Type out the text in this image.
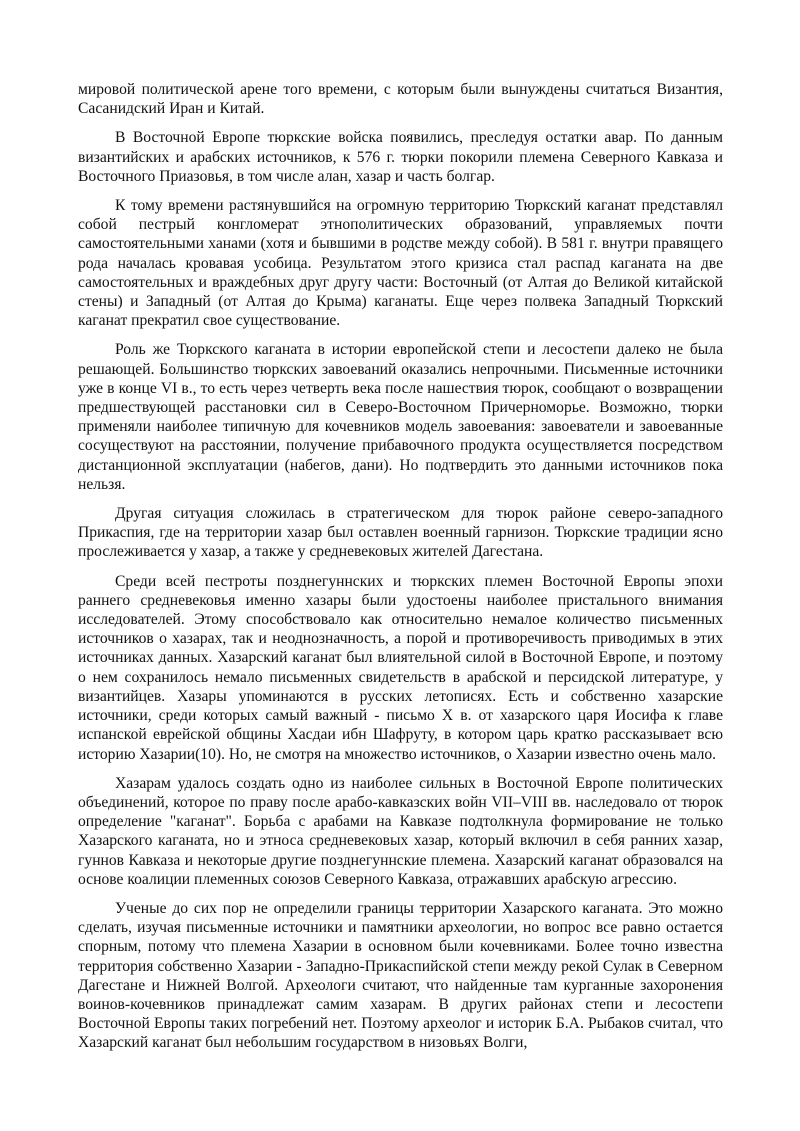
мировой политической арене того времени, с которым были вынуждены считаться Византия, Сасанидский Иран и Китай.

В Восточной Европе тюркские войска появились, преследуя остатки авар. По данным византийских и арабских источников, к 576 г. тюрки покорили племена Северного Кавказа и Восточного Приазовья, в том числе алан, хазар и часть болгар.

К тому времени растянувшийся на огромную территорию Тюркский каганат представлял собой пестрый конгломерат этнополитических образований, управляемых почти самостоятельными ханами (хотя и бывшими в родстве между собой). В 581 г. внутри правящего рода началась кровавая усобица. Результатом этого кризиса стал распад каганата на две самостоятельных и враждебных друг другу части: Восточный (от Алтая до Великой китайской стены) и Западный (от Алтая до Крыма) каганаты. Еще через полвека Западный Тюркский каганат прекратил свое существование.

Роль же Тюркского каганата в истории европейской степи и лесостепи далеко не была решающей. Большинство тюркских завоеваний оказались непрочными. Письменные источники уже в конце VI в., то есть через четверть века после нашествия тюрок, сообщают о возвращении предшествующей расстановки сил в Северо-Восточном Причерноморье. Возможно, тюрки применяли наиболее типичную для кочевников модель завоевания: завоеватели и завоеванные сосуществуют на расстоянии, получение прибавочного продукта осуществляется посредством дистанционной эксплуатации (набегов, дани). Но подтвердить это данными источников пока нельзя.

Другая ситуация сложилась в стратегическом для тюрок районе северо-западного Прикаспия, где на территории хазар был оставлен военный гарнизон. Тюркские традиции ясно прослеживается у хазар, а также у средневековых жителей Дагестана.

Среди всей пестроты позднегуннских и тюркских племен Восточной Европы эпохи раннего средневековья именно хазары были удостоены наиболее пристального внимания исследователей. Этому способствовало как относительно немалое количество письменных источников о хазарах, так и неоднозначность, а порой и противоречивость приводимых в этих источниках данных. Хазарский каганат был влиятельной силой в Восточной Европе, и поэтому о нем сохранилось немало письменных свидетельств в арабской и персидской литературе, у византийцев. Хазары упоминаются в русских летописях. Есть и собственно хазарские источники, среди которых самый важный - письмо X в. от хазарского царя Иосифа к главе испанской еврейской общины Хасдаи ибн Шафруту, в котором царь кратко рассказывает всю историю Хазарии(10). Но, не смотря на множество источников, о Хазарии известно очень мало.

Хазарам удалось создать одно из наиболее сильных в Восточной Европе политических объединений, которое по праву после арабо-кавказских войн VII–VIII вв. наследовало от тюрок определение "каганат". Борьба с арабами на Кавказе подтолкнула формирование не только Хазарского каганата, но и этноса средневековых хазар, который включил в себя ранних хазар, гуннов Кавказа и некоторые другие позднегуннские племена. Хазарский каганат образовался на основе коалиции племенных союзов Северного Кавказа, отражавших арабскую агрессию.

Ученые до сих пор не определили границы территории Хазарского каганата. Это можно сделать, изучая письменные источники и памятники археологии, но вопрос все равно остается спорным, потому что племена Хазарии в основном были кочевниками. Более точно известна территория собственно Хазарии - Западно-Прикаспийской степи между рекой Сулак в Северном Дагестане и Нижней Волгой. Археологи считают, что найденные там курганные захоронения воинов-кочевников принадлежат самим хазарам. В других районах степи и лесостепи Восточной Европы таких погребений нет. Поэтому археолог и историк Б.А. Рыбаков считал, что Хазарский каганат был небольшим государством в низовьях Волги,
